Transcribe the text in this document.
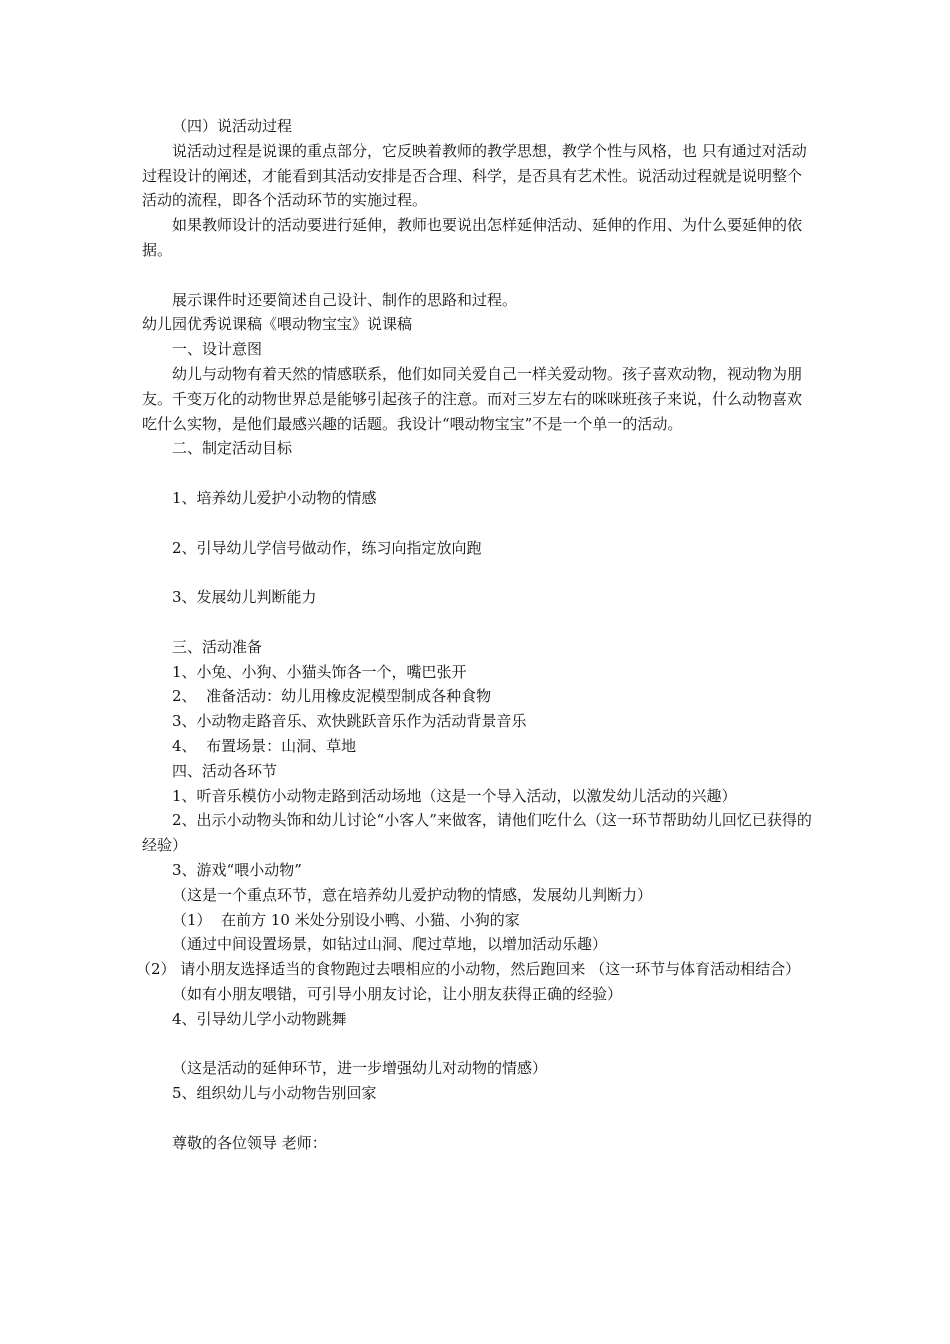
（四）说活动过程

说活动过程是说课的重点部分，它反映着教师的教学思想，教学个性与风格，也 只有通过对活动过程设计的阐述，才能看到其活动安排是否合理、科学，是否具有艺术性。说活动过程就是说明整个活动的流程，即各个活动环节的实施过程。

如果教师设计的活动要进行延伸，教师也要说出怎样延伸活动、延伸的作用、为什么要延伸的依据。

展示课件时还要简述自己设计、制作的思路和过程。

幼儿园优秀说课稿《喂动物宝宝》说课稿

一、设计意图

幼儿与动物有着天然的情感联系，他们如同关爱自己一样关爱动物。孩子喜欢动物，视动物为朋友。千变万化的动物世界总是能够引起孩子的注意。而对三岁左右的咪咪班孩子来说，什么动物喜欢吃什么实物，是他们最感兴趣的话题。我设计“喂动物宝宝”不是一个单一的活动。

二、制定活动目标

1、培养幼儿爱护小动物的情感

2、引导幼儿学信号做动作，练习向指定放向跑

3、发展幼儿判断能力

三、活动准备

1、小兔、小狗、小猫头饰各一个，嘴巴张开

2、  准备活动：幼儿用橡皮泥模型制成各种食物

3、小动物走路音乐、欢快跳跃音乐作为活动背景音乐

4、  布置场景：山洞、草地

四、活动各环节

1、听音乐模仿小动物走路到活动场地（这是一个导入活动，以激发幼儿活动的兴趣）

2、出示小动物头饰和幼儿讨论“小客人”来做客，请他们吃什么（这一环节帮助幼儿回忆已获得的经验）

3、游戏“喂小动物”

（这是一个重点环节，意在培养幼儿爱护动物的情感，发展幼儿判断力）

（1）  在前方 10 米处分别设小鸭、小猫、小狗的家

（通过中间设置场景，如钻过山洞、爬过草地，以增加活动乐趣）

（2） 请小朋友选择适当的食物跑过去喂相应的小动物，然后跑回来 （这一环节与体育活动相结合）

（如有小朋友喂错，可引导小朋友讨论，让小朋友获得正确的经验）

4、引导幼儿学小动物跳舞

（这是活动的延伸环节，进一步增强幼儿对动物的情感）

5、组织幼儿与小动物告别回家

尊敬的各位领导 老师：
